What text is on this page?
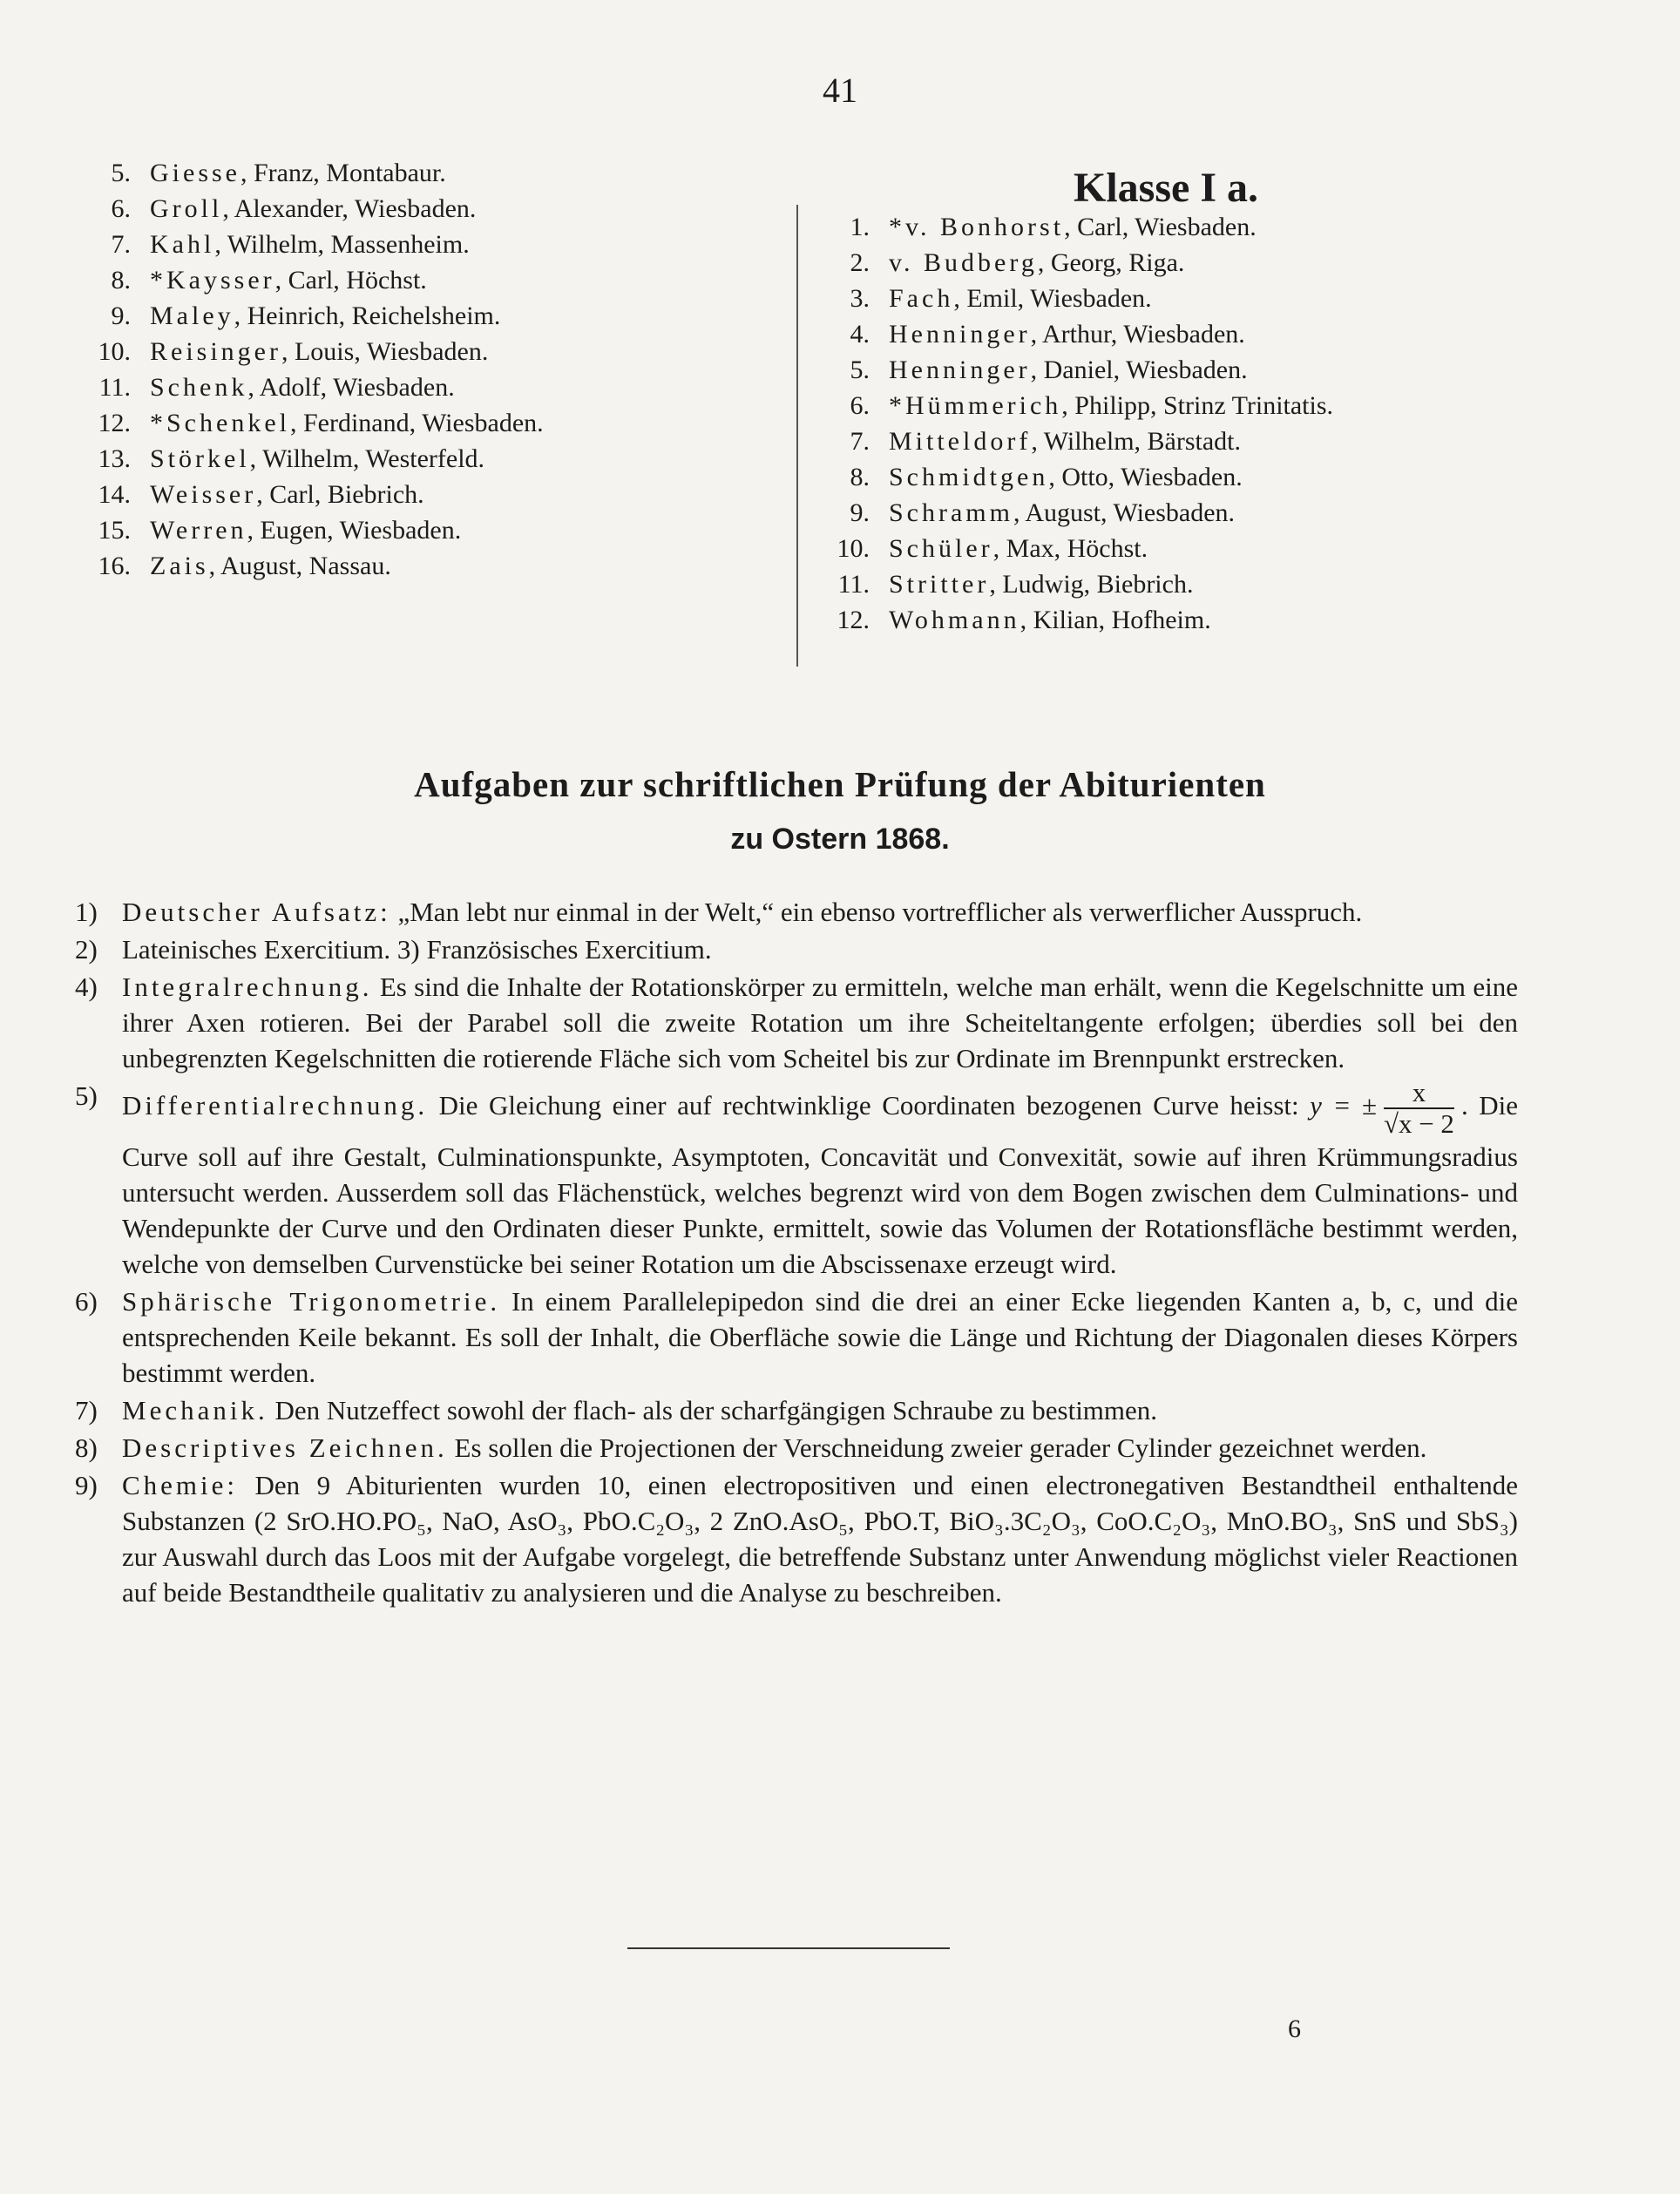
41
5. Giesse, Franz, Montabaur.
6. Groll, Alexander, Wiesbaden.
7. Kahl, Wilhelm, Massenheim.
8. *Kaysser, Carl, Höchst.
9. Maley, Heinrich, Reichelsheim.
10. Reisinger, Louis, Wiesbaden.
11. Schenk, Adolf, Wiesbaden.
12. *Schenkel, Ferdinand, Wiesbaden.
13. Störkel, Wilhelm, Westerfeld.
14. Weisser, Carl, Biebrich.
15. Werren, Eugen, Wiesbaden.
16. Zais, August, Nassau.
Klasse I a.
1. *v. Bonhorst, Carl, Wiesbaden.
2. v. Budberg, Georg, Riga.
3. Fach, Emil, Wiesbaden.
4. Henninger, Arthur, Wiesbaden.
5. Henninger, Daniel, Wiesbaden.
6. *Hümmerich, Philipp, Strinz Trinitatis.
7. Mitteldorf, Wilhelm, Bärstadt.
8. Schmidtgen, Otto, Wiesbaden.
9. Schramm, August, Wiesbaden.
10. Schüler, Max, Höchst.
11. Stritter, Ludwig, Biebrich.
12. Wohmann, Kilian, Hofheim.
Aufgaben zur schriftlichen Prüfung der Abiturienten
zu Ostern 1868.

1) Deutscher Aufsatz: „Man lebt nur einmal in der Welt,“ ein ebenso vortrefflicher als verwerflicher Ausspruch.

2) Lateinisches Exercitium. 3) Französisches Exercitium.

4) Integralrechnung. Es sind die Inhalte der Rotationskörper zu ermitteln, welche man erhält, wenn die Kegelschnitte um eine ihrer Axen rotieren. Bei der Parabel soll die zweite Rotation um ihre Scheiteltangente erfolgen; überdies soll bei den unbegrenzten Kegelschnitten die rotierende Fläche sich vom Scheitel bis zur Ordinate im Brennpunkt erstrecken.

5) Differentialrechnung. Die Gleichung einer auf rechtwinklige Coordinaten bezogenen Curve heisst: y = ± $\frac{x}{√x - 2}$ . Die Curve soll auf ihre Gestalt, Culminationspunkte, Asymptoten, Concavität und Convexität, sowie auf ihren Krümmungsradius untersucht werden. Ausserdem soll das Flächenstück, welches begrenzt wird von dem Bogen zwischen dem Culminations- und Wendepunkte der Curve und den Ordinaten dieser Punkte, ermittelt, sowie das Volumen der Rotationsfläche bestimmt werden, welche von demselben Curvenstücke bei seiner Rotation um die Abscissenaxe erzeugt wird.

6) Sphärische Trigonometrie. In einem Parallelepipedon sind die drei an einer Ecke liegenden Kanten a, b, c, und die entsprechenden Keile bekannt. Es soll der Inhalt, die Oberfläche sowie die Länge und Richtung der Diagonalen dieses Körpers bestimmt werden.

7) Mechanik. Den Nutzeffect sowohl der flach- als der scharfgängigen Schraube zu bestimmen.

8) Descriptives Zeichnen. Es sollen die Projectionen der Verschneidung zweier gerader Cylinder gezeichnet werden.

9) Chemie: Den 9 Abiturienten wurden 10, einen electropositiven und einen electronegativen Bestandtheil enthaltende Substanzen (2 SrO.HO.PO₅, NaO, AsO₃, PbO.C₂O₃, 2 ZnO.AsO₅, PbO.T, BiO₃.3C₂O₃, CoO.C₂O₃, MnO.BO₃, SnS und SbS₃) zur Auswahl durch das Loos mit der Aufgabe vorgelegt, die betreffende Substanz unter Anwendung möglichst vieler Reactionen auf beide Bestandtheile qualitativ zu analysieren und die Analyse zu beschreiben.

6
